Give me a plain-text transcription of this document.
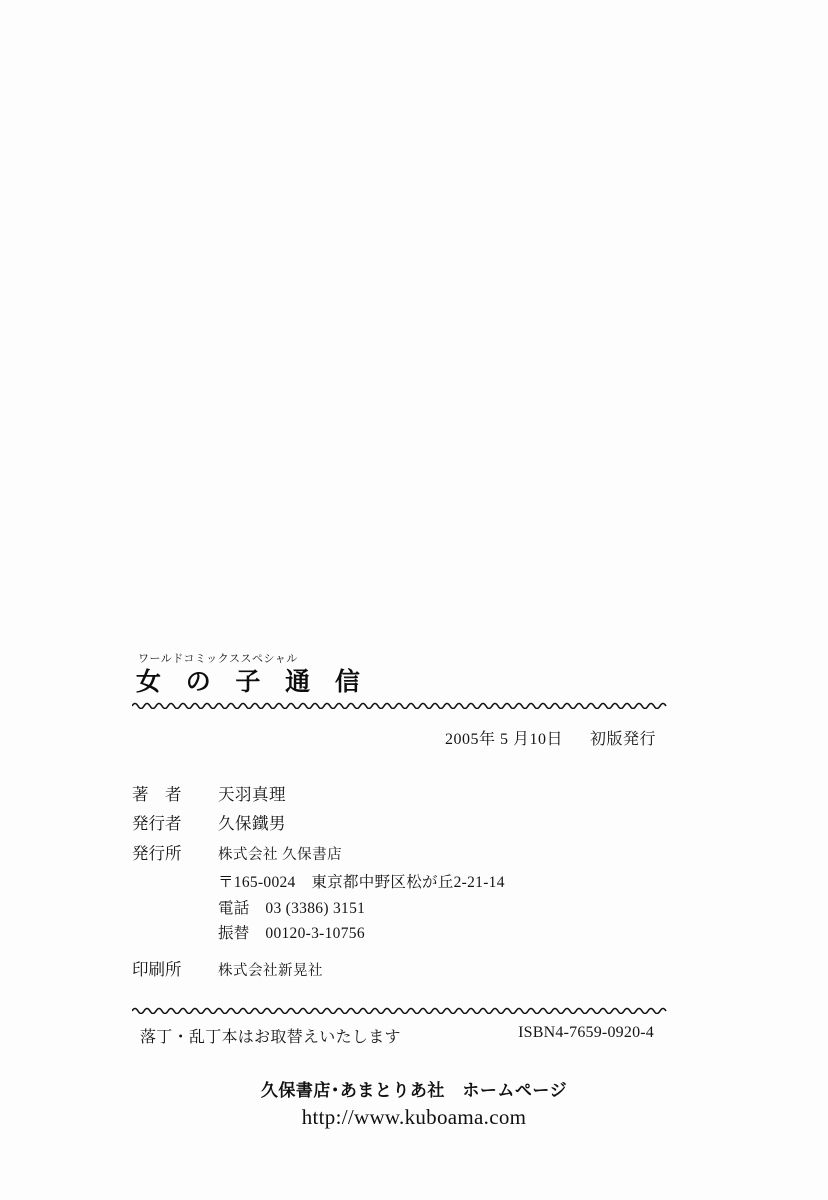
ワールドコミックススペシャル
女 の 子 通 信
2005年 5 月10日 初版発行
著　者	天羽真理
発行者	久保鐵男
発行所	株式会社 久保書店
〒165-0024　東京都中野区松が丘2-21-14
電話　03 (3386) 3151
振替　00120-3-10756
印刷所	株式会社新晃社
落丁・乱丁本はお取替えいたします	ISBN4-7659-0920-4
久保書店･あまとりあ社　ホームページ
http://www.kuboama.com
